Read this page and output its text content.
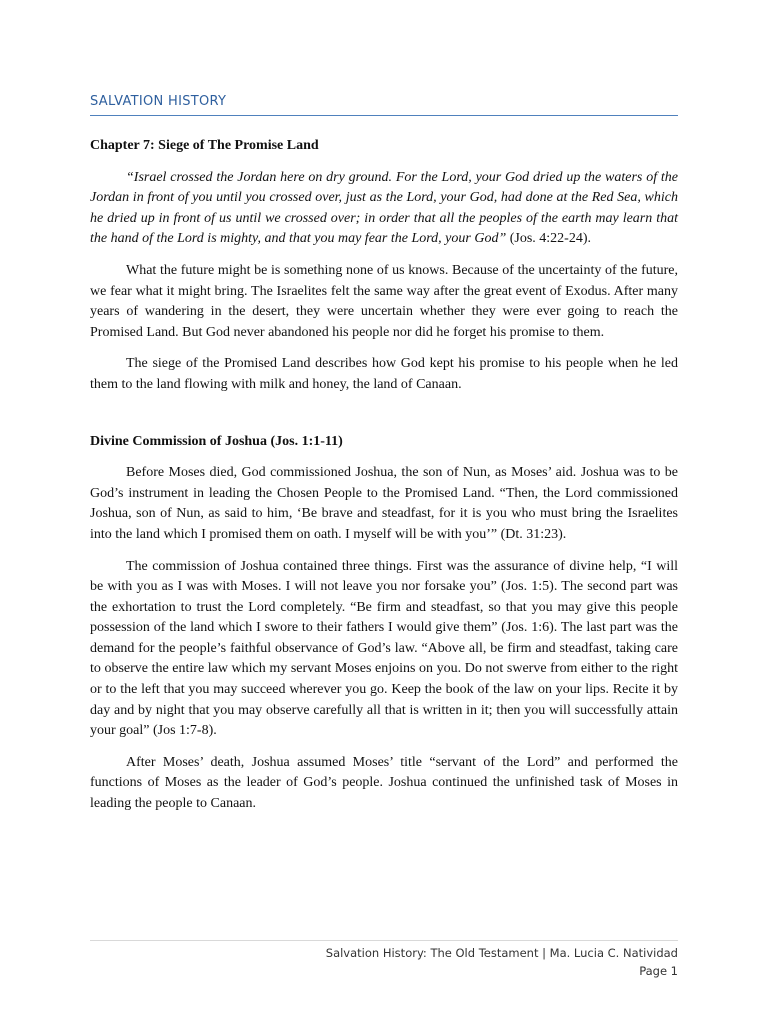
SALVATION HISTORY
Chapter 7: Siege of The Promise Land

“Israel crossed the Jordan here on dry ground. For the Lord, your God dried up the waters of the Jordan in front of you until you crossed over, just as the Lord, your God, had done at the Red Sea, which he dried up in front of us until we crossed over; in order that all the peoples of the earth may learn that the hand of the Lord is mighty, and that you may fear the Lord, your God” (Jos. 4:22-24).

What the future might be is something none of us knows. Because of the uncertainty of the future, we fear what it might bring. The Israelites felt the same way after the great event of Exodus. After many years of wandering in the desert, they were uncertain whether they were ever going to reach the Promised Land. But God never abandoned his people nor did he forget his promise to them.

The siege of the Promised Land describes how God kept his promise to his people when he led them to the land flowing with milk and honey, the land of Canaan.

Divine Commission of Joshua (Jos. 1:1-11)

Before Moses died, God commissioned Joshua, the son of Nun, as Moses’ aid. Joshua was to be God’s instrument in leading the Chosen People to the Promised Land. “Then, the Lord commissioned Joshua, son of Nun, as said to him, ‘Be brave and steadfast, for it is you who must bring the Israelites into the land which I promised them on oath. I myself will be with you’” (Dt. 31:23).

The commission of Joshua contained three things. First was the assurance of divine help, “I will be with you as I was with Moses. I will not leave you nor forsake you” (Jos. 1:5). The second part was the exhortation to trust the Lord completely. “Be firm and steadfast, so that you may give this people possession of the land which I swore to their fathers I would give them” (Jos. 1:6). The last part was the demand for the people’s faithful observance of God’s law. “Above all, be firm and steadfast, taking care to observe the entire law which my servant Moses enjoins on you. Do not swerve from either to the right or to the left that you may succeed wherever you go. Keep the book of the law on your lips. Recite it by day and by night that you may observe carefully all that is written in it; then you will successfully attain your goal” (Jos 1:7-8).

After Moses’ death, Joshua assumed Moses’ title “servant of the Lord” and performed the functions of Moses as the leader of God’s people. Joshua continued the unfinished task of Moses in leading the people to Canaan.

Salvation History: The Old Testament | Ma. Lucia C. Natividad
Page 1
